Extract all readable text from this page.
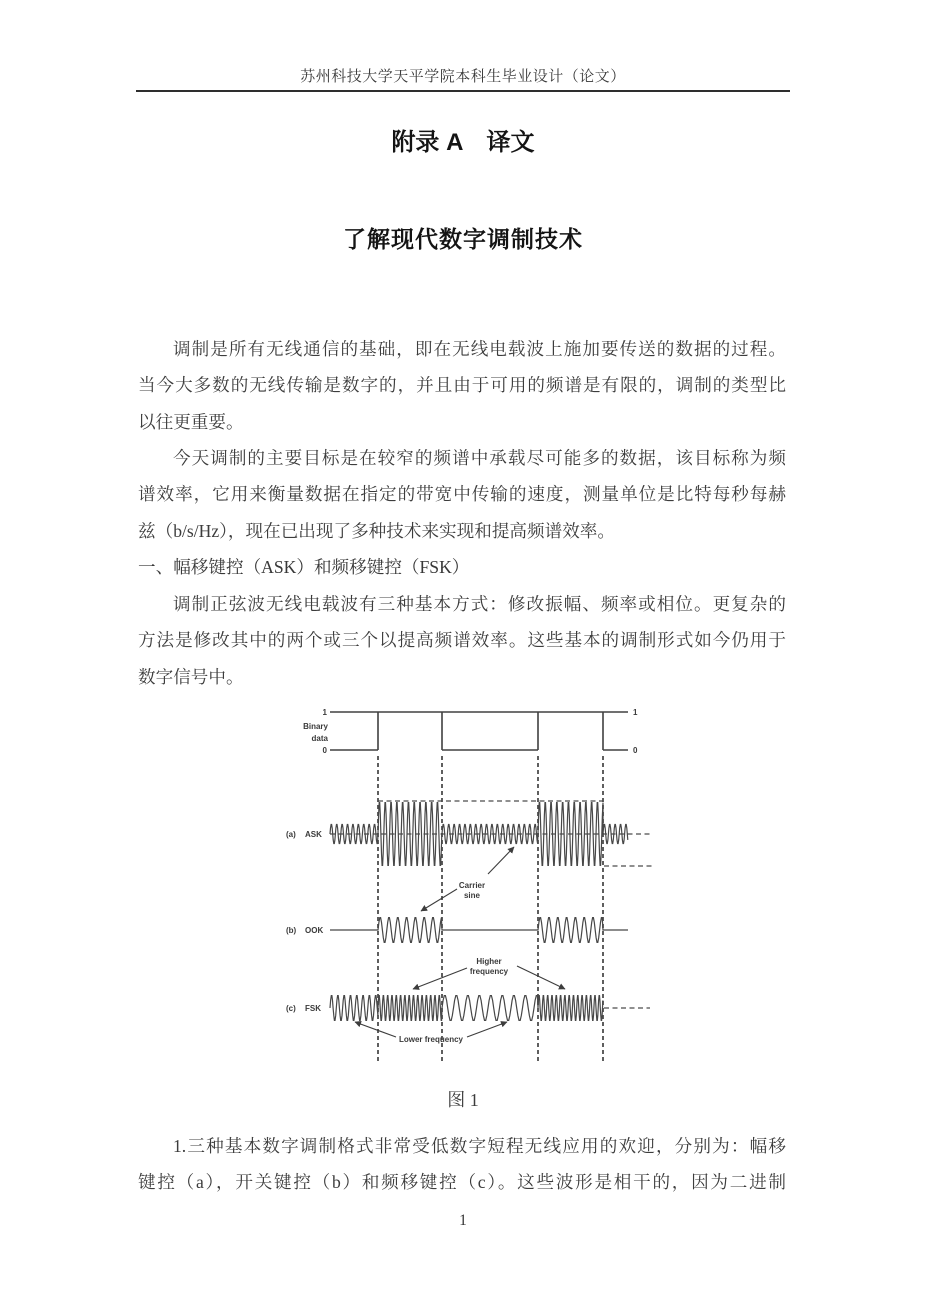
苏州科技大学天平学院本科生毕业设计（论文）
附录 A　译文
了解现代数字调制技术
调制是所有无线通信的基础，即在无线电载波上施加要传送的数据的过程。
当今大多数的无线传输是数字的，并且由于可用的频谱是有限的，调制的类型比
以往更重要。
今天调制的主要目标是在较窄的频谱中承载尽可能多的数据，该目标称为频
谱效率，它用来衡量数据在指定的带宽中传输的速度，测量单位是比特每秒每赫
兹（b/s/Hz），现在已出现了多种技术来实现和提高频谱效率。
一、幅移键控（ASK）和频移键控（FSK）
调制正弦波无线电载波有三种基本方式：修改振幅、频率或相位。更复杂的
方法是修改其中的两个或三个以提高频谱效率。这些基本的调制形式如今仍用于
数字信号中。
1
0
1
0
Binary
data
(a) ASK
(b) OOK
(c) FSK
Carrier
sine
Higher
frequency
Lower frequency
图 1
1.三种基本数字调制格式非常受低数字短程无线应用的欢迎，分别为：幅移
键控（a），开关键控（b）和频移键控（c）。这些波形是相干的，因为二进制
1
